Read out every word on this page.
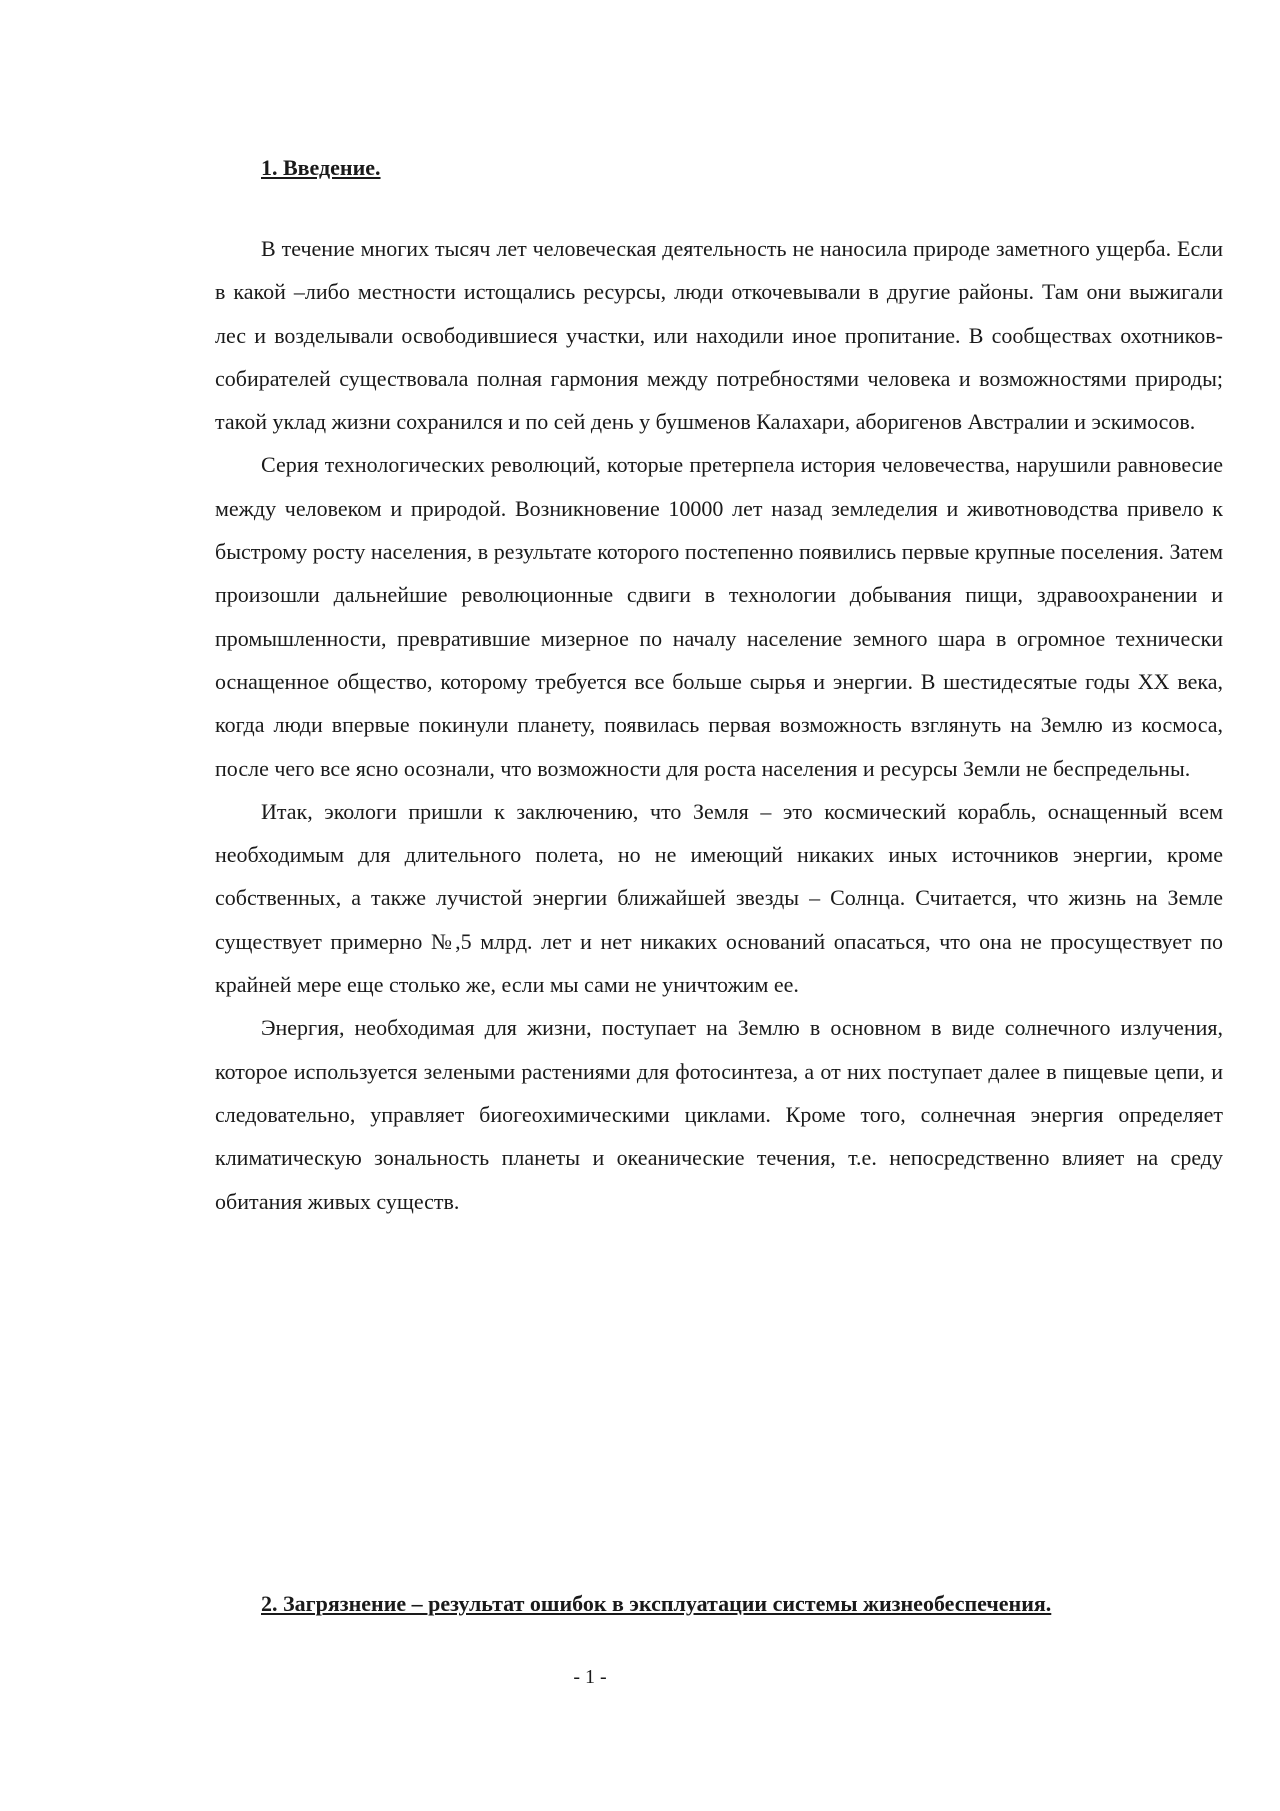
1. Введение.

В течение многих тысяч лет человеческая деятельность не наносила природе заметного ущерба. Если в какой –либо местности истощались ресурсы, люди откочевывали в другие районы. Там они выжигали лес и возделывали освободившиеся участки, или находили иное пропитание. В сообществах охотников-собирателей существовала полная гармония между потребностями человека и возможностями природы; такой уклад жизни сохранился и по сей день у бушменов Калахари, аборигенов Австралии и эскимосов.

Серия технологических революций, которые претерпела история человечества, нарушили равновесие между человеком и природой. Возникновение 10000 лет назад земледелия и животноводства привело к быстрому росту населения, в результате которого постепенно появились первые крупные поселения. Затем произошли дальнейшие революционные сдвиги в технологии добывания пищи, здравоохранении и промышленности, превратившие мизерное по началу население земного шара в огромное технически оснащенное общество, которому требуется все больше сырья и энергии. В шестидесятые годы XX века, когда люди впервые покинули планету, появилась первая возможность взглянуть на Землю из космоса, после чего все ясно осознали, что возможности для роста населения и ресурсы Земли не беспредельны.

Итак, экологи пришли к заключению, что Земля – это космический корабль, оснащенный всем необходимым для длительного полета, но не имеющий никаких иных источников энергии, кроме собственных, а также лучистой энергии ближайшей звезды – Солнца. Считается, что жизнь на Земле существует примерно №,5 млрд. лет и нет никаких оснований опасаться, что она не просуществует по крайней мере еще столько же, если мы сами не уничтожим ее.

Энергия, необходимая для жизни, поступает на Землю в основном в виде солнечного излучения, которое используется зелеными растениями для фотосинтеза, а от них поступает далее в пищевые цепи, и следовательно, управляет биогеохимическими циклами. Кроме того, солнечная энергия определяет климатическую зональность планеты и океанические течения, т.е. непосредственно влияет на среду обитания живых существ.

2. Загрязнение – результат ошибок в эксплуатации системы жизнеобеспечения.
- 1 -
